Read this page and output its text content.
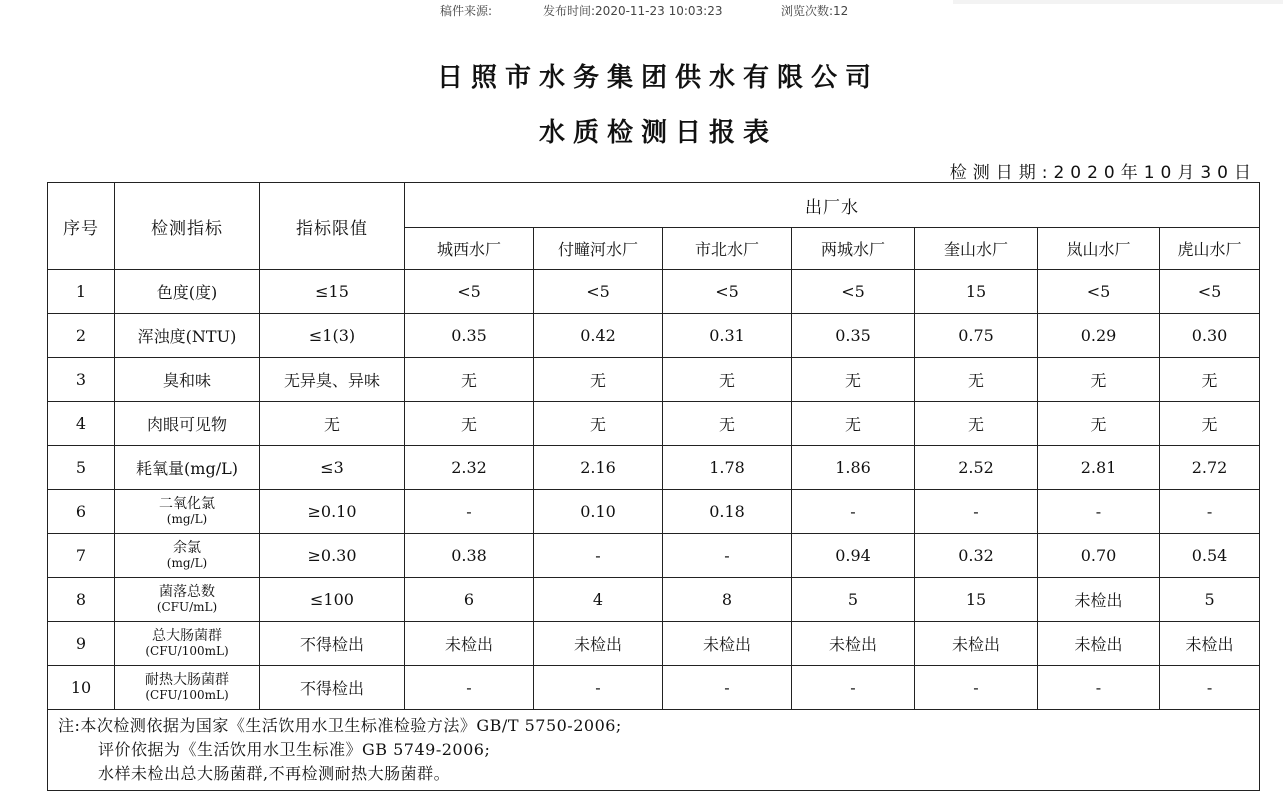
稿件来源:	发布时间:2020-11-23 10:03:23	浏览次数:12
日照市水务集团供水有限公司
水质检测日报表
检测日期:2020年10月30日
序号	检测指标	指标限值	出厂水						
			城西水厂	付疃河水厂	市北水厂	两城水厂	奎山水厂	岚山水厂	虎山水厂
1	色度(度)	≤15	<5	<5	<5	<5	15	<5	<5
2	浑浊度(NTU)	≤1(3)	0.35	0.42	0.31	0.35	0.75	0.29	0.30
3	臭和味	无异臭、异味	无	无	无	无	无	无	无
4	肉眼可见物	无	无	无	无	无	无	无	无
5	耗氧量(mg/L)	≤3	2.32	2.16	1.78	1.86	2.52	2.81	2.72
6	二氧化氯
(mg/L)	≥0.10	-	0.10	0.18	-	-	-	-
7	余氯
(mg/L)	≥0.30	0.38	-	-	0.94	0.32	0.70	0.54
8	菌落总数
(CFU/mL)	≤100	6	4	8	5	15	未检出	5
9	总大肠菌群
(CFU/100mL)	不得检出	未检出	未检出	未检出	未检出	未检出	未检出	未检出
10	耐热大肠菌群
(CFU/100mL)	不得检出	-	-	-	-	-	-	-

注:本次检测依据为国家《生活饮用水卫生标准检验方法》GB/T 5750-2006;
评价依据为《生活饮用水卫生标准》GB 5749-2006;
水样未检出总大肠菌群,不再检测耐热大肠菌群。									
